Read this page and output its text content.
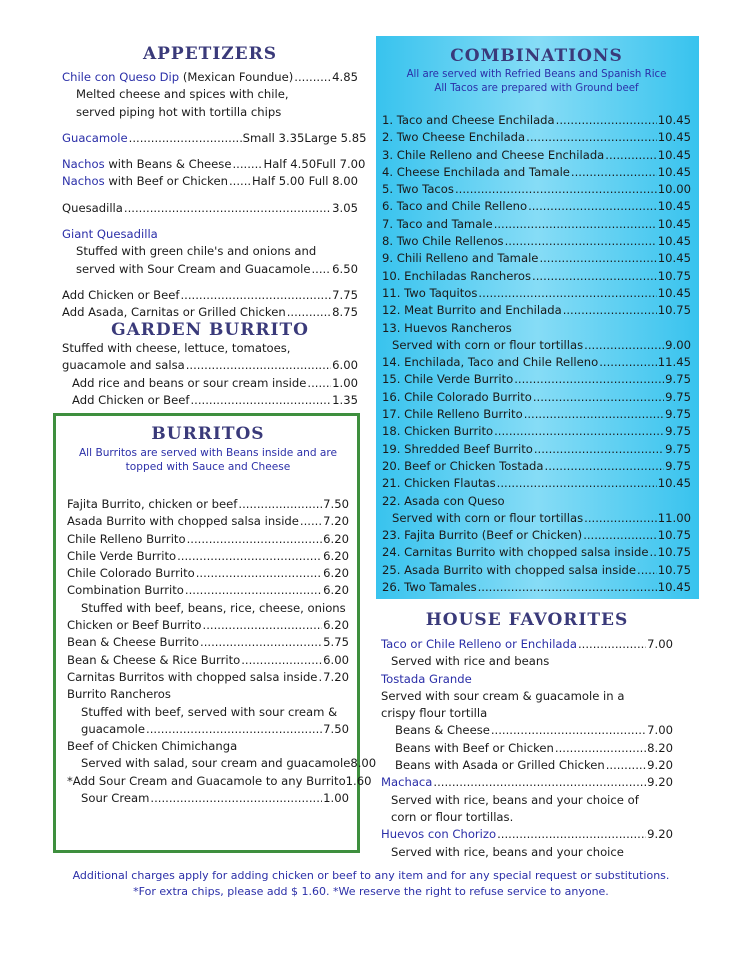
APPETIZERS
Chile con Queso Dip (Mexican Foundue) .....	4.85
Melted cheese and spices with chile,
served piping hot with tortilla chips
Guacamole .....	Small 3.35 Large 5.85
Nachos with Beans & Cheese .....	Half 4.50 Full 7.00
Nachos with Beef or Chicken ..... Half 5.00 Full 8.00
Quesadilla .....	3.05
Giant Quesadilla
Stuffed with green chile's and onions and
served with Sour Cream and Guacamole ..... 6.50
Add Chicken or Beef .....	7.75
Add Asada, Carnitas or Grilled Chicken .....	8.75
GARDEN BURRITO
Stuffed with cheese, lettuce, tomatoes,
guacamole and salsa .....	6.00
Add rice and beans or sour cream inside ..... 1.00
Add Chicken or Beef .....	1.35
BURRITOS
All Burritos are served with Beans inside and are
topped with Sauce and Cheese
Fajita Burrito, chicken or beef .....	7.50
Asada Burrito with chopped salsa inside ..... 7.20
Chile Relleno Burrito .....	6.20
Chile Verde Burrito .....	6.20
Chile Colorado Burrito .....	6.20
Combination Burrito .....	6.20
Stuffed with beef, beans, rice, cheese, onions
Chicken or Beef Burrito .....	6.20
Bean & Cheese Burrito .....	5.75
Bean & Cheese & Rice Burrito .....	6.00
Carnitas Burritos with chopped salsa inside ..... 7.20
Burrito Rancheros
Stuffed with beef, served with sour cream &
guacamole .....	7.50
Beef of Chicken Chimichanga
Served with salad, sour cream and guacamole 8.00
*Add Sour Cream and Guacamole to any Burrito 1.60
Sour Cream .....	1.00
COMBINATIONS
All are served with Refried Beans and Spanish Rice
All Tacos are prepared with Ground beef
1. Taco and Cheese Enchilada .....	10.45
2. Two Cheese Enchilada .....	10.45
3. Chile Relleno and Cheese Enchilada .....	10.45
4. Cheese Enchilada and Tamale .....	10.45
5. Two Tacos .....	10.00
6. Taco and Chile Relleno .....	10.45
7. Taco and Tamale .....	10.45
8. Two Chile Rellenos .....	10.45
9. Chili Relleno and Tamale .....	10.45
10. Enchiladas Rancheros .....	10.75
11. Two Taquitos .....	10.45
12. Meat Burrito and Enchilada .....	10.75
13. Huevos Rancheros
Served with corn or flour tortillas .....	9.00
14. Enchilada, Taco and Chile Relleno .....	11.45
15. Chile Verde Burrito .....	9.75
16. Chile Colorado Burrito .....	9.75
17. Chile Relleno Burrito .....	9.75
18. Chicken Burrito .....	9.75
19. Shredded Beef Burrito .....	9.75
20. Beef or Chicken Tostada .....	9.75
21. Chicken Flautas .....	10.45
22. Asada con Queso
Served with corn or flour tortillas .....	11.00
23. Fajita Burrito (Beef or Chicken) .....	10.75
24. Carnitas Burrito with chopped salsa inside ..... 10.75
25. Asada Burrito with chopped salsa inside ..... 10.75
26. Two Tamales .....	10.45
HOUSE FAVORITES
Taco or Chile Relleno or Enchilada .....	7.00
Served with rice and beans
Tostada Grande
Served with sour cream & guacamole in a
crispy flour tortilla
Beans & Cheese .....	7.00
Beans with Beef or Chicken .....	8.20
Beans with Asada or Grilled Chicken .....	9.20
Machaca .....	9.20
Served with rice, beans and your choice of
corn or flour tortillas.
Huevos con Chorizo .....	9.20
Served with rice, beans and your choice
Additional charges apply for adding chicken or beef to any item and for any special request or substitutions.
*For extra chips, please add $ 1.60. *We reserve the right to refuse service to anyone.
